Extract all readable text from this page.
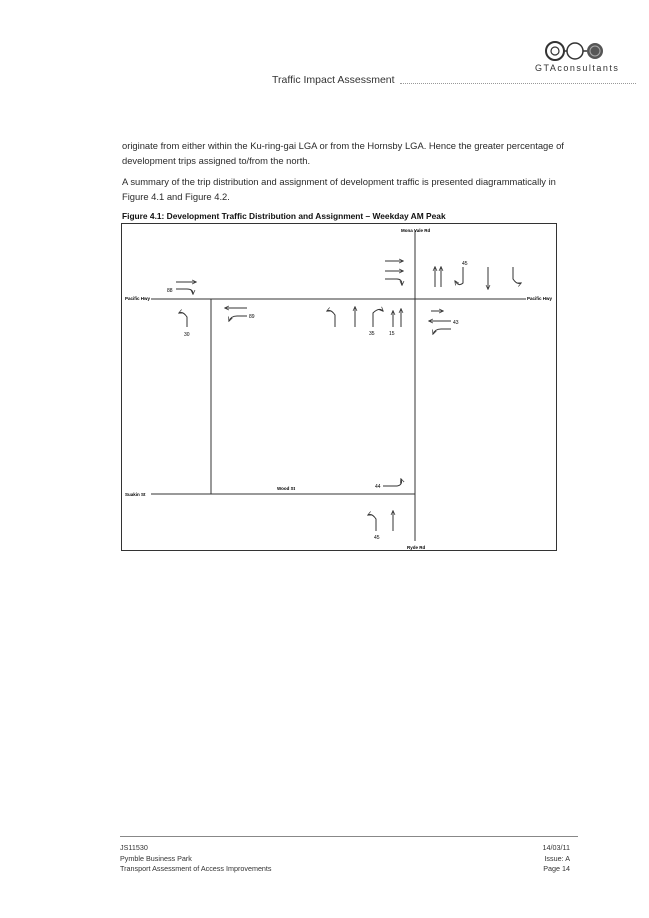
GTAconsultants
Traffic Impact Assessment
originate from either within the Ku-ring-gai LGA or from the Hornsby LGA. Hence the greater percentage of development trips assigned to/from the north.
A summary of the trip distribution and assignment of development traffic is presented diagrammatically in Figure 4.1 and Figure 4.2.
Figure 4.1: Development Traffic Distribution and Assignment – Weekday AM Peak
Mona Vale Rd
Pacific Hwy	Pacific Hwy
Suakin St
Wood St
Ryde Rd
88
30
89
45
35	15
43
44
45
JS11530
Pymble Business Park
Transport Assessment of Access Improvements
14/03/11
Issue: A
Page 14
